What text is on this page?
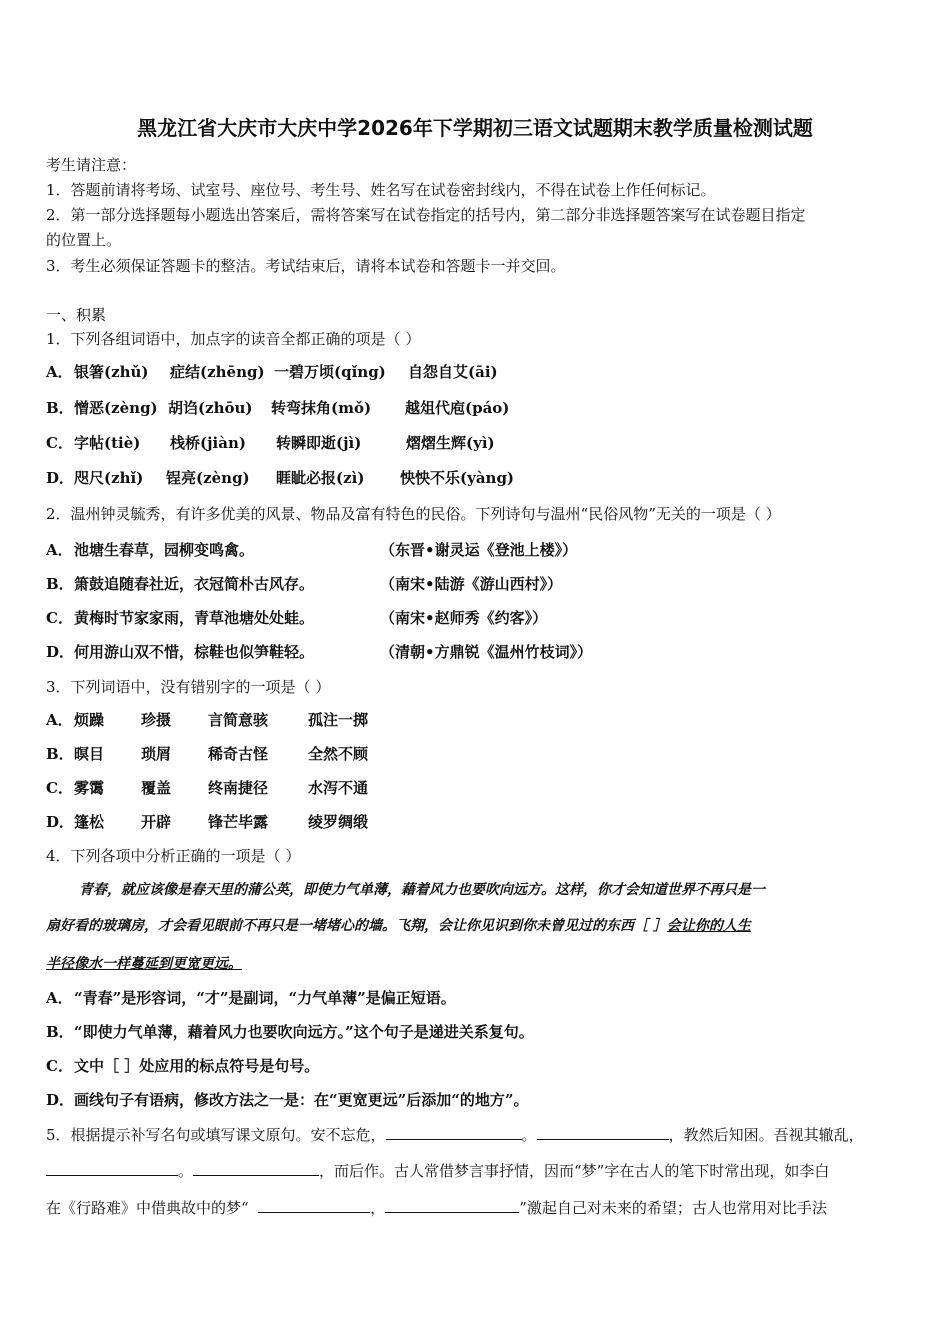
黑龙江省大庆市大庆中学2026年下学期初三语文试题期末教学质量检测试题
考生请注意：
1．答题前请将考场、试室号、座位号、考生号、姓名写在试卷密封线内，不得在试卷上作任何标记。
2．第一部分选择题每小题选出答案后，需将答案写在试卷指定的括号内，第二部分非选择题答案写在试卷题目指定
的位置上。
3．考生必须保证答题卡的整洁。考试结束后，请将本试卷和答题卡一并交回。
一、积累
1．下列各组词语中，加点字的读音全都正确的项是（ ）
A． 银箸(zhǔ) 症结(zhēng) 一碧万顷(qǐng) 自怨自艾(āi)
B． 憎恶(zèng) 胡诌(zhōu) 转弯抹角(mǒ) 越俎代庖(páo)
C． 字帖(tiè) 栈桥(jiàn) 转瞬即逝(jì)	熠熠生辉(yì)
D． 咫尺(zhǐ) 锃亮(zèng) 睚眦必报(zì) 怏怏不乐(yàng)
2．温州钟灵毓秀，有许多优美的风景、物品及富有特色的民俗。下列诗句与温州“民俗风物”无关的一项是（ ）
A． 池塘生春草，园柳变鸣禽。	（东晋•谢灵运《登池上楼》）
B． 箫鼓追随春社近，衣冠简朴古风存。	（南宋•陆游《游山西村》）
C． 黄梅时节家家雨，青草池塘处处蛙。	（南宋•赵师秀《约客》）
D． 何用游山双不惜，棕鞋也似笋鞋轻。	（清朝•方鼎锐《温州竹枝词》）
3．下列词语中，没有错别字的一项是（ ）
A． 烦躁 珍摄 言简意骇	孤注一掷
B． 暝目 琐屑 稀奇古怪	全然不顾
C． 雾霭 覆盖 终南捷径	水泻不通
D． 篷松 开辟 锋芒毕露	绫罗绸缎
4．下列各项中分析正确的一项是（ ）
青春，就应该像是春天里的蒲公英，即使力气单薄，藉着风力也要吹向远方。这样，你才会知道世界不再只是一
扇好看的玻璃房，才会看见眼前不再只是一堵堵心的墙。飞翔，会让你见识到你未曾见过的东西［ ］会让你的人生
半径像水一样蔓延到更宽更远。
A． “青春”是形容词，“才”是副词，“力气单薄”是偏正短语。
B． “即使力气单薄，藉着风力也要吹向远方。”这个句子是递进关系复句。
C． 文中［ ］处应用的标点符号是句号。
D． 画线句子有语病，修改方法之一是：在“更宽更远”后添加“的地方”。
5．根据提示补写名句或填写课文原句。安不忘危，	。	，教然后知困。吾视其辙乱，
。	，而后作。古人常借梦言事抒情，因而“梦”字在古人的笔下时常出现，如李白
在《行路难》中借典故中的梦“	，	”激起自己对未来的希望；古人也常用对比手法
